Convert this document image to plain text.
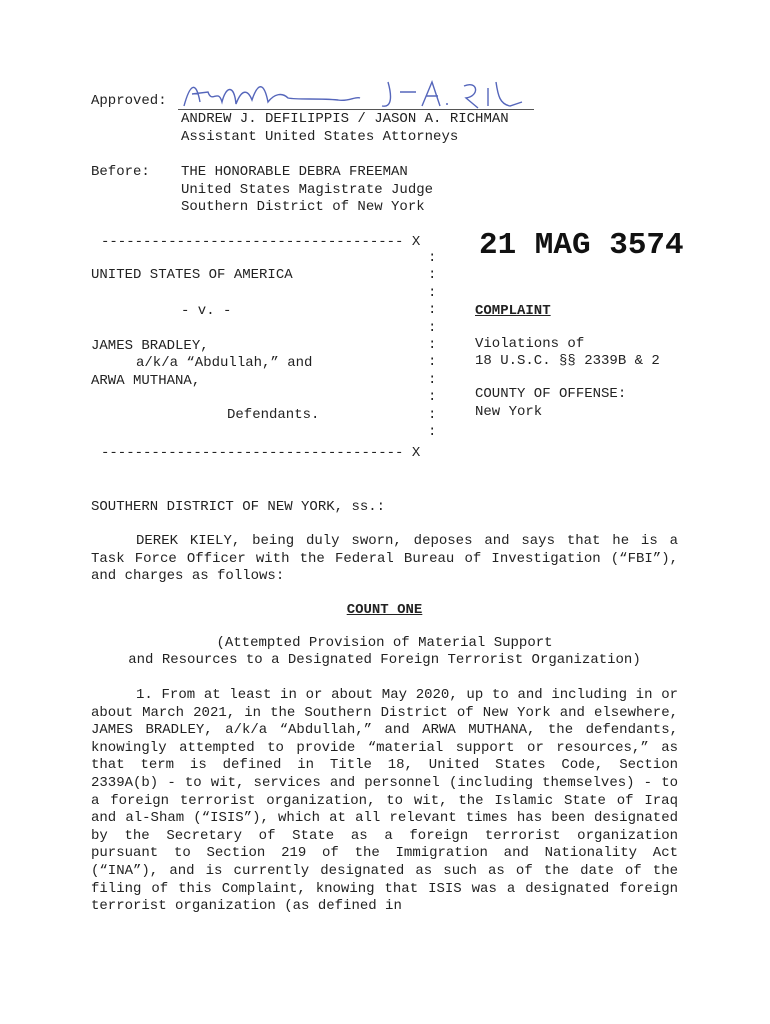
Approved:
ANDREW J. DEFILIPPIS / JASON A. RICHMAN
Assistant United States Attorneys
Before: THE HONORABLE DEBRA FREEMAN
United States Magistrate Judge
Southern District of New York
21 MAG 3574
------------------------------------ X
:
:
:
:
:
:
:
:
:
:
:
UNITED STATES OF AMERICA
- v. -
JAMES BRADLEY,
a/k/a “Abdullah,” and
ARWA MUTHANA,
Defendants.
------------------------------------ X
COMPLAINT
Violations of
18 U.S.C. §§ 2339B & 2
COUNTY OF OFFENSE:
New York
SOUTHERN DISTRICT OF NEW YORK, ss.:
DEREK KIELY, being duly sworn, deposes and says that he is a Task Force Officer with the Federal Bureau of Investigation (“FBI”), and charges as follows:
COUNT ONE
(Attempted Provision of Material Support
and Resources to a Designated Foreign Terrorist Organization)
1. From at least in or about May 2020, up to and including in or about March 2021, in the Southern District of New York and elsewhere, JAMES BRADLEY, a/k/a “Abdullah,” and ARWA MUTHANA, the defendants, knowingly attempted to provide “material support or resources,” as that term is defined in Title 18, United States Code, Section 2339A(b) - to wit, services and personnel (including themselves) - to a foreign terrorist organization, to wit, the Islamic State of Iraq and al-Sham (“ISIS”), which at all relevant times has been designated by the Secretary of State as a foreign terrorist organization pursuant to Section 219 of the Immigration and Nationality Act (“INA”), and is currently designated as such as of the date of the filing of this Complaint, knowing that ISIS was a designated foreign terrorist organization (as defined in
